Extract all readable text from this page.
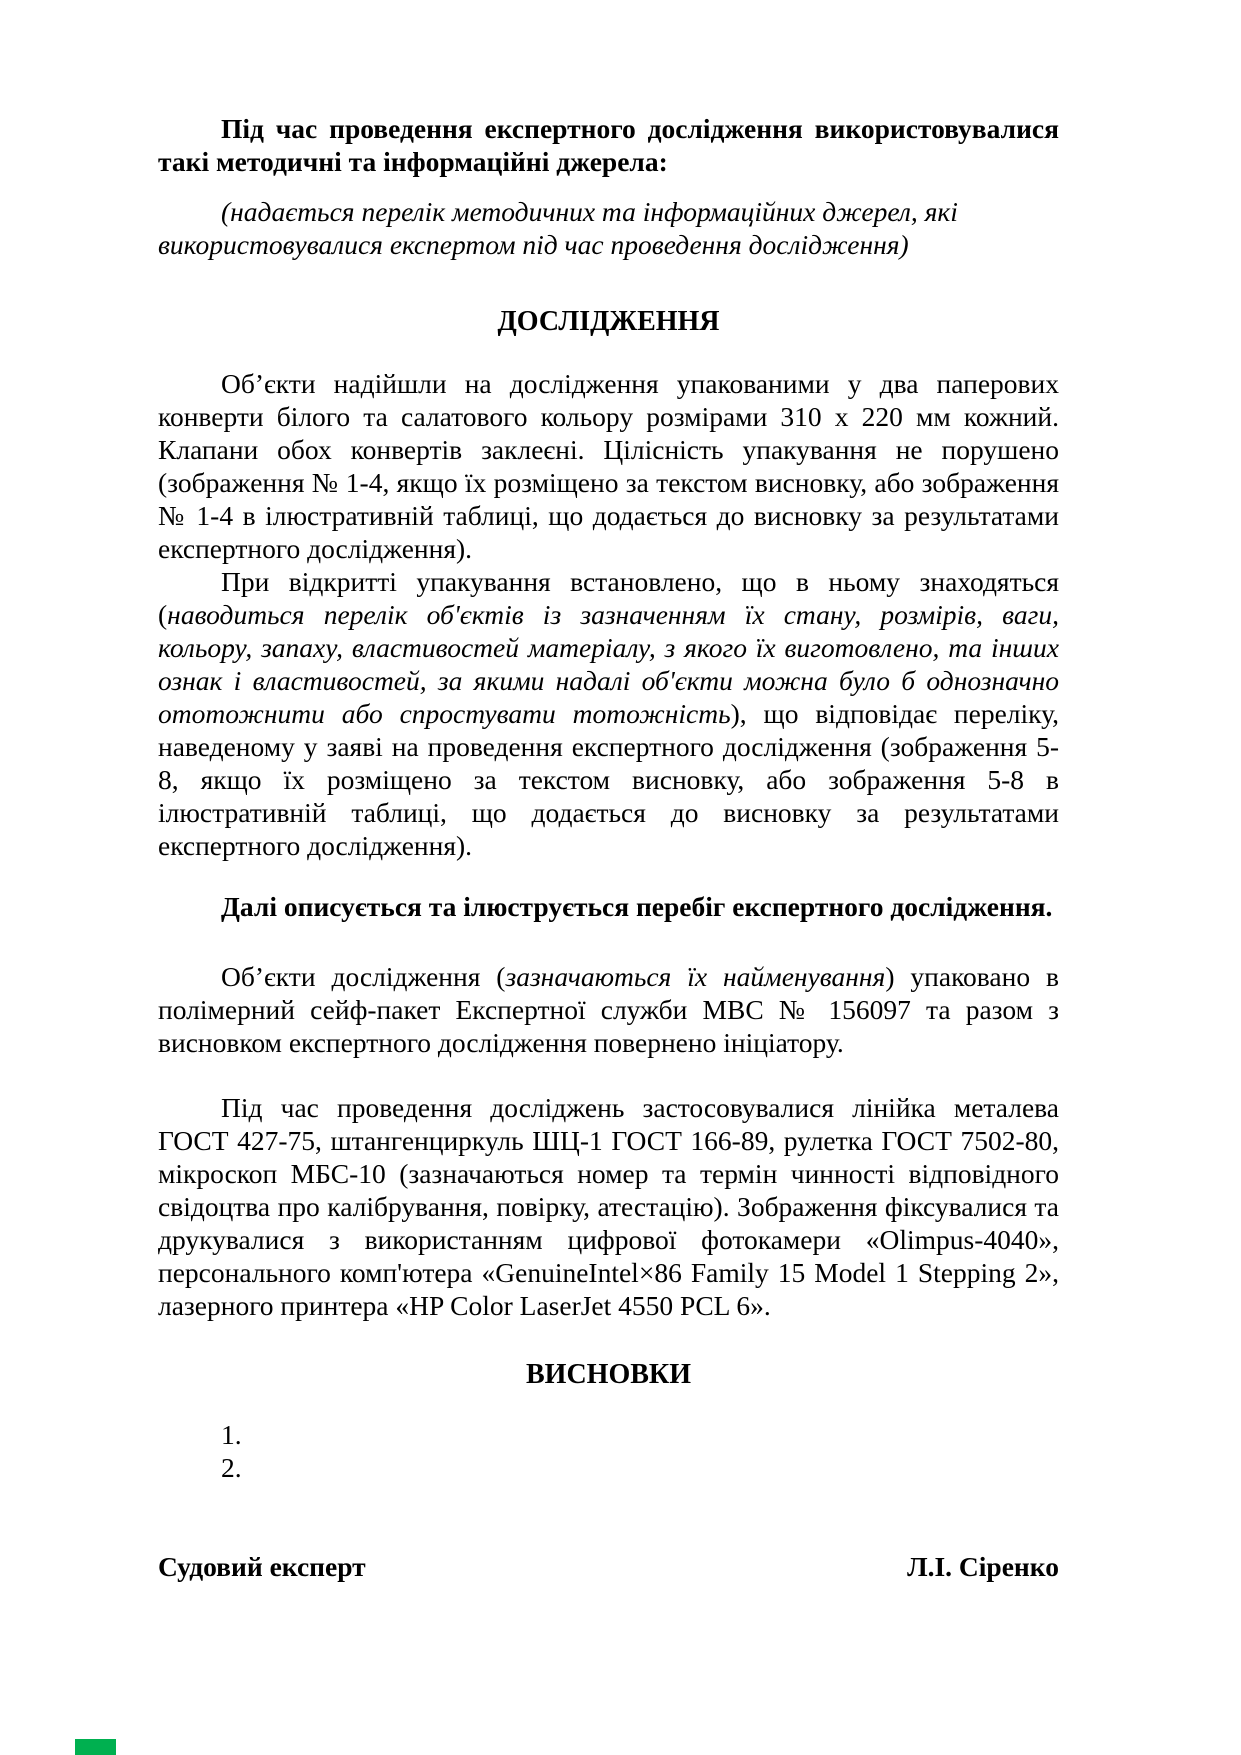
Під час проведення експертного дослідження використовувалися такі методичні та інформаційні джерела:

(надається перелік методичних та інформаційних джерел, які використовувалися експертом під час проведення дослідження)

ДОСЛІДЖЕННЯ

Об’єкти надійшли на дослідження упакованими у два паперових конверти білого та салатового кольору розмірами 310 х 220 мм кожний. Клапани обох конвертів заклеєні. Цілісність упакування не порушено (зображення № 1-4, якщо їх розміщено за текстом висновку, або зображення № 1-4 в ілюстративній таблиці, що додається до висновку за результатами експертного дослідження).

При відкритті упакування встановлено, що в ньому знаходяться (наводиться перелік об'єктів із зазначенням їх стану, розмірів, ваги, кольору, запаху, властивостей матеріалу, з якого їх виготовлено, та інших ознак і властивостей, за якими надалі об'єкти можна було б однозначно ототожнити або спростувати тотожність), що відповідає переліку, наведеному у заяві на проведення експертного дослідження (зображення 5-8, якщо їх розміщено за текстом висновку, або зображення 5-8 в ілюстративній таблиці, що додається до висновку за результатами експертного дослідження).

Далі описується та ілюструється перебіг експертного дослідження.

Об’єкти дослідження (зазначаються їх найменування) упаковано в полімерний сейф-пакет Експертної служби МВС № 156097 та разом з висновком експертного дослідження повернено ініціатору.

Під час проведення досліджень застосовувалися лінійка металева ГОСТ 427-75, штангенциркуль ШЦ-1 ГОСТ 166-89, рулетка ГОСТ 7502-80, мікроскоп МБС-10 (зазначаються номер та термін чинності відповідного свідоцтва про калібрування, повірку, атестацію). Зображення фіксувалися та друкувалися з використанням цифрової фотокамери «Olimpus-4040», персонального комп'ютера «GenuineIntel×86 Family 15 Model 1 Stepping 2», лазерного принтера «HP Color LaserJet 4550 PCL 6».

ВИСНОВКИ
1.
2.
Судовий експерт	Л.І. Сіренко
